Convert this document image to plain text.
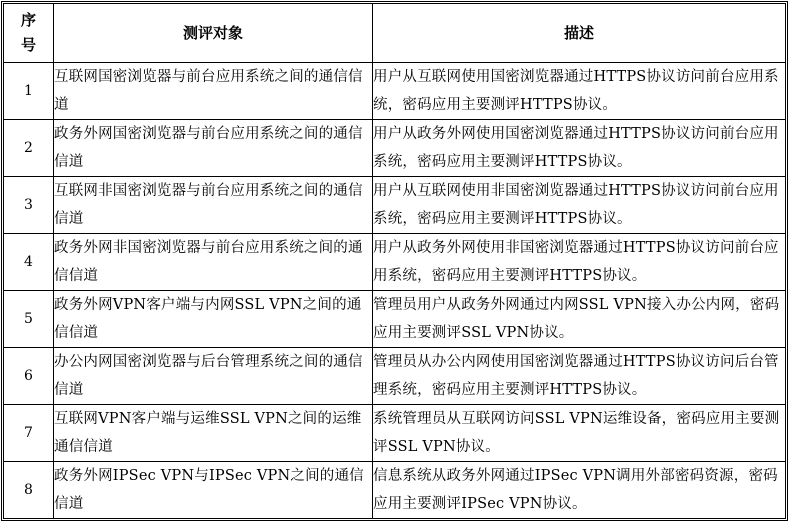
序号	测评对象	描述
1	互联网国密浏览器与前台应用系统之间的通信信道	用户从互联网使用国密浏览器通过HTTPS协议访问前台应用系统，密码应用主要测评HTTPS协议。

2	政务外网国密浏览器与前台应用系统之间的通信信道	用户从政务外网使用国密浏览器通过HTTPS协议访问前台应用系统，密码应用主要测评HTTPS协议。

3	互联网非国密浏览器与前台应用系统之间的通信信道	用户从互联网使用非国密浏览器通过HTTPS协议访问前台应用系统，密码应用主要测评HTTPS协议。

4	政务外网非国密浏览器与前台应用系统之间的通信信道	用户从政务外网使用非国密浏览器通过HTTPS协议访问前台应用系统，密码应用主要测评HTTPS协议。

5	政务外网VPN客户端与内网SSL VPN之间的通信信道	管理员用户从政务外网通过内网SSL VPN接入办公内网，密码应用主要测评SSL VPN协议。

6	办公内网国密浏览器与后台管理系统之间的通信信道	管理员从办公内网使用国密浏览器通过HTTPS协议访问后台管理系统，密码应用主要测评HTTPS协议。

7	互联网VPN客户端与运维SSL VPN之间的运维通信信道	系统管理员从互联网访问SSL VPN运维设备，密码应用主要测评SSL VPN协议。

8	政务外网IPSec VPN与IPSec VPN之间的通信信道	信息系统从政务外网通过IPSec VPN调用外部密码资源，密码应用主要测评IPSec VPN协议。
